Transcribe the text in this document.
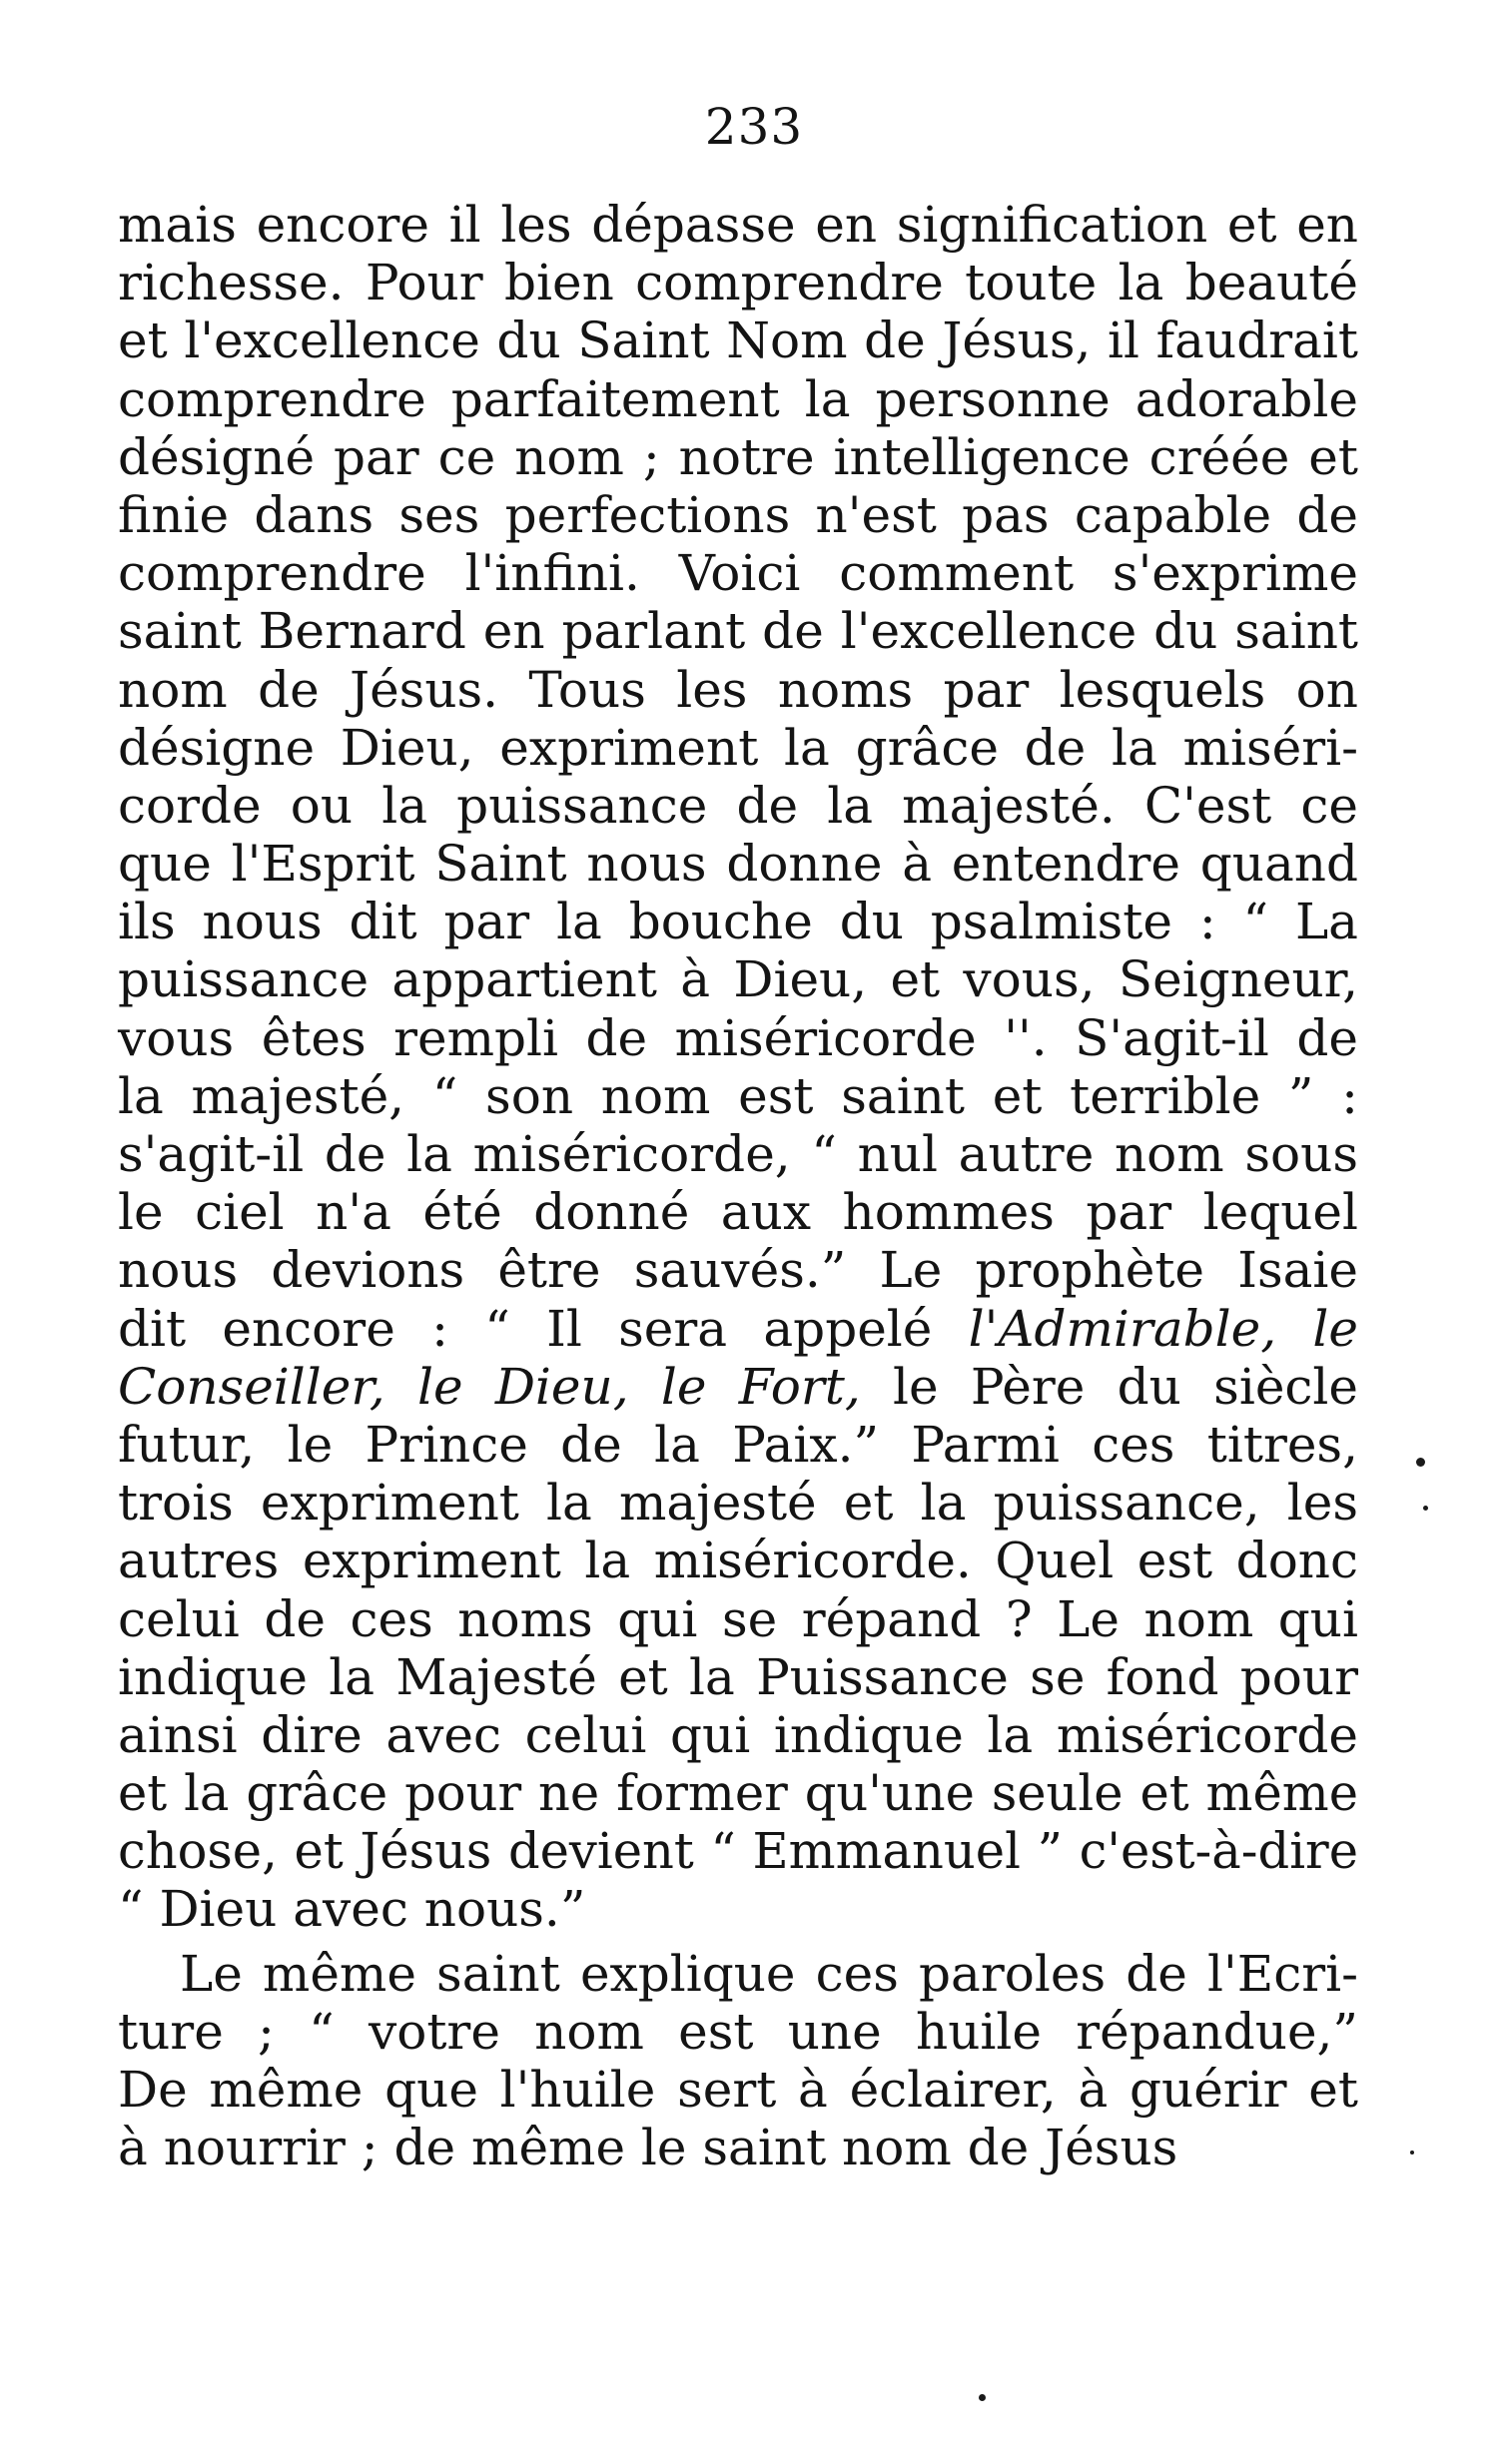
233
mais encore il les dépasse en signification et en
richesse. Pour bien comprendre toute la beauté
et l'excellence du Saint Nom de Jésus, il faudrait
comprendre parfaitement la personne adorable
désigné par ce nom ; notre intelligence créée et
finie dans ses perfections n'est pas capable de
comprendre l'infini. Voici comment s'exprime
saint Bernard en parlant de l'excellence du saint
nom de Jésus. Tous les noms par lesquels on
désigne Dieu, expriment la grâce de la miséri-
corde ou la puissance de la majesté. C'est ce
que l'Esprit Saint nous donne à entendre quand
ils nous dit par la bouche du psalmiste : “ La
puissance appartient à Dieu, et vous, Seigneur,
vous êtes rempli de miséricorde ''. S'agit-il de
la majesté, “ son nom est saint et terrible ” :
s'agit-il de la miséricorde, “ nul autre nom sous
le ciel n'a été donné aux hommes par lequel
nous devions être sauvés.” Le prophète Isaie
dit encore : “ Il sera appelé l'Admirable, le
Conseiller, le Dieu, le Fort, le Père du siècle
futur, le Prince de la Paix.” Parmi ces titres,
trois expriment la majesté et la puissance, les
autres expriment la miséricorde. Quel est donc
celui de ces noms qui se répand ? Le nom qui
indique la Majesté et la Puissance se fond pour
ainsi dire avec celui qui indique la miséricorde
et la grâce pour ne former qu'une seule et même
chose, et Jésus devient “ Emmanuel ” c'est-à-dire
“ Dieu avec nous.”
Le même saint explique ces paroles de l'Ecri-
ture ; “ votre nom est une huile répandue,”
De même que l'huile sert à éclairer, à guérir et
à nourrir ; de même le saint nom de Jésus
